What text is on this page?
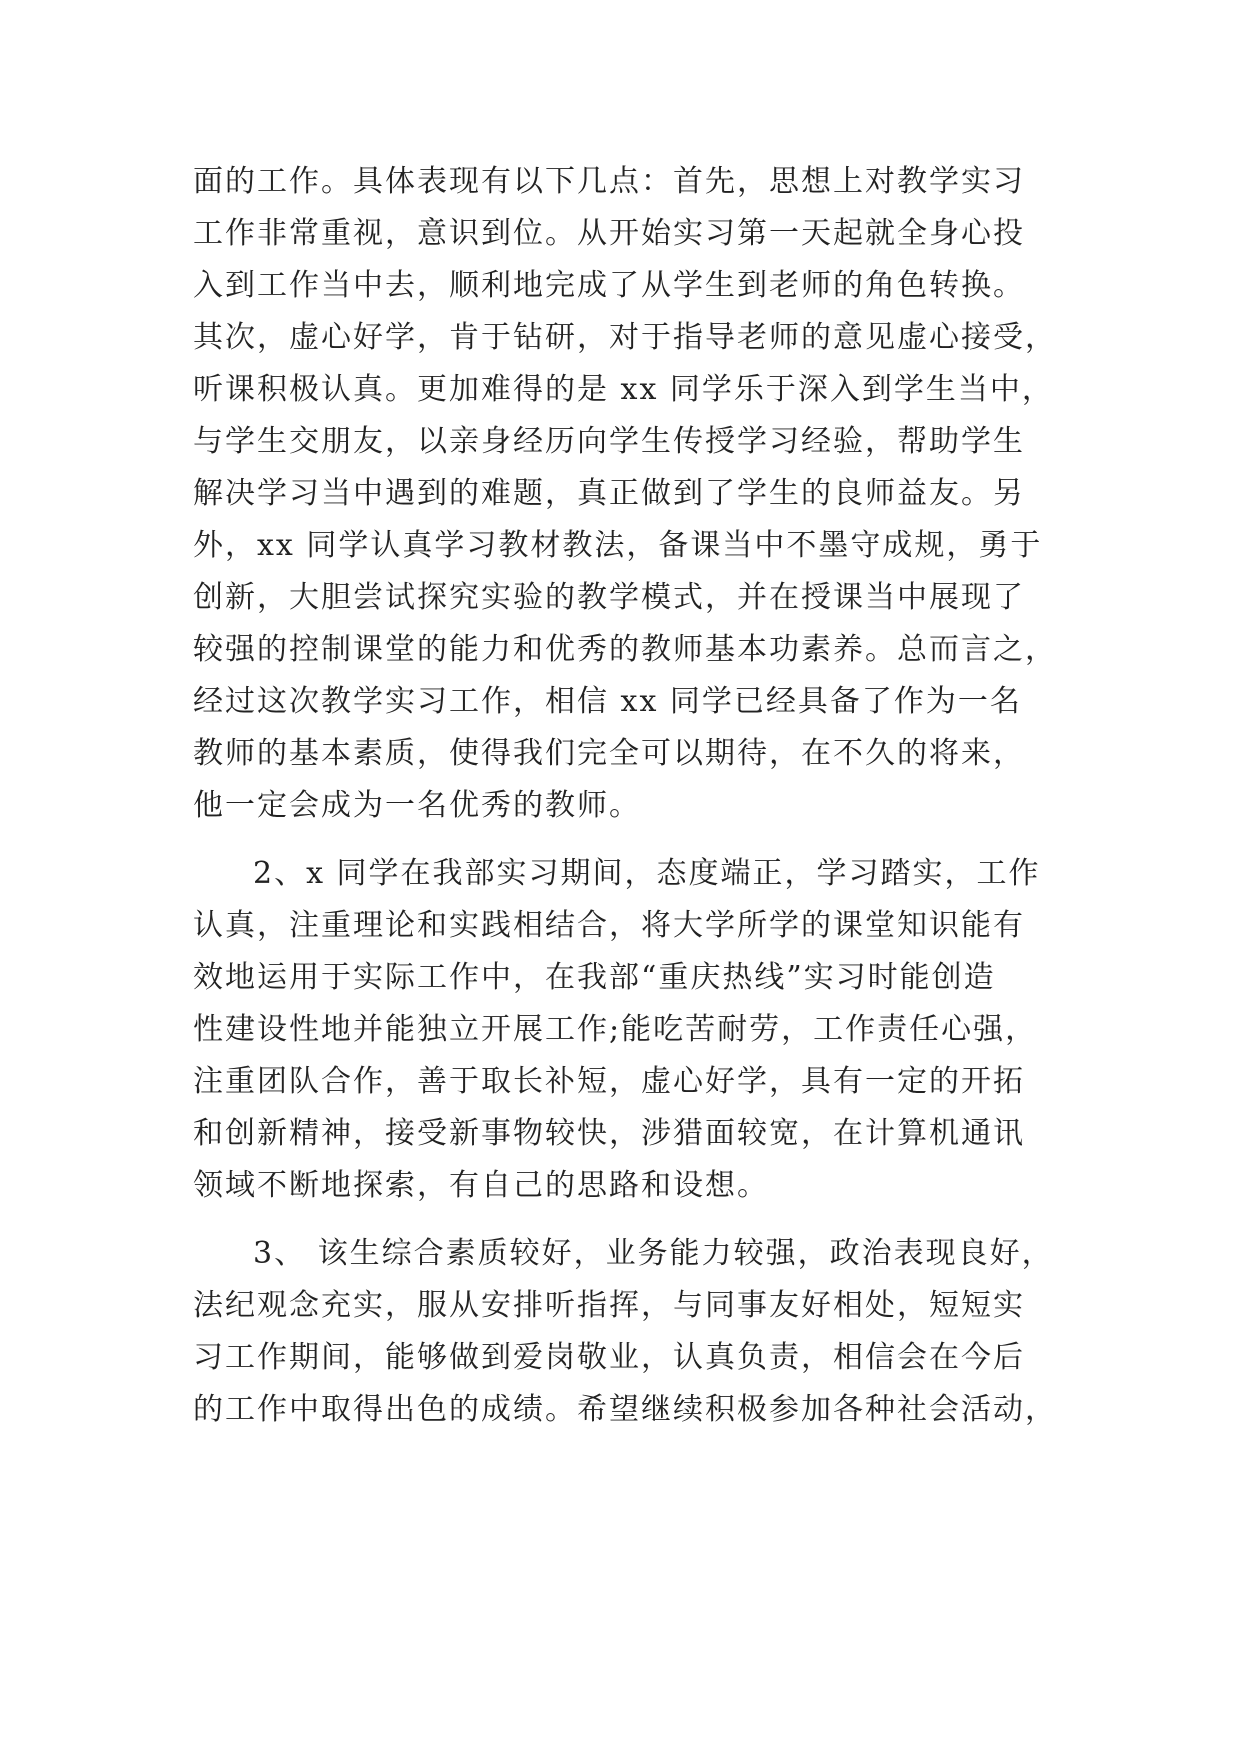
面的工作。具体表现有以下几点：首先，思想上对教学实习
工作非常重视，意识到位。从开始实习第一天起就全身心投
入到工作当中去，顺利地完成了从学生到老师的角色转换。
其次，虚心好学，肯于钻研，对于指导老师的意见虚心接受，
听课积极认真。更加难得的是 xx 同学乐于深入到学生当中，
与学生交朋友，以亲身经历向学生传授学习经验，帮助学生
解决学习当中遇到的难题，真正做到了学生的良师益友。另
外，xx 同学认真学习教材教法，备课当中不墨守成规，勇于
创新，大胆尝试探究实验的教学模式，并在授课当中展现了
较强的控制课堂的能力和优秀的教师基本功素养。总而言之，
经过这次教学实习工作，相信 xx 同学已经具备了作为一名
教师的基本素质，使得我们完全可以期待，在不久的将来，
他一定会成为一名优秀的教师。
2、x 同学在我部实习期间，态度端正，学习踏实，工作
认真，注重理论和实践相结合，将大学所学的课堂知识能有
效地运用于实际工作中，在我部“重庆热线”实习时能创造
性建设性地并能独立开展工作;能吃苦耐劳，工作责任心强，
注重团队合作，善于取长补短，虚心好学，具有一定的开拓
和创新精神，接受新事物较快，涉猎面较宽，在计算机通讯
领域不断地探索，有自己的思路和设想。
3、 该生综合素质较好，业务能力较强，政治表现良好，
法纪观念充实，服从安排听指挥，与同事友好相处，短短实
习工作期间，能够做到爱岗敬业，认真负责，相信会在今后
的工作中取得出色的成绩。希望继续积极参加各种社会活动，
